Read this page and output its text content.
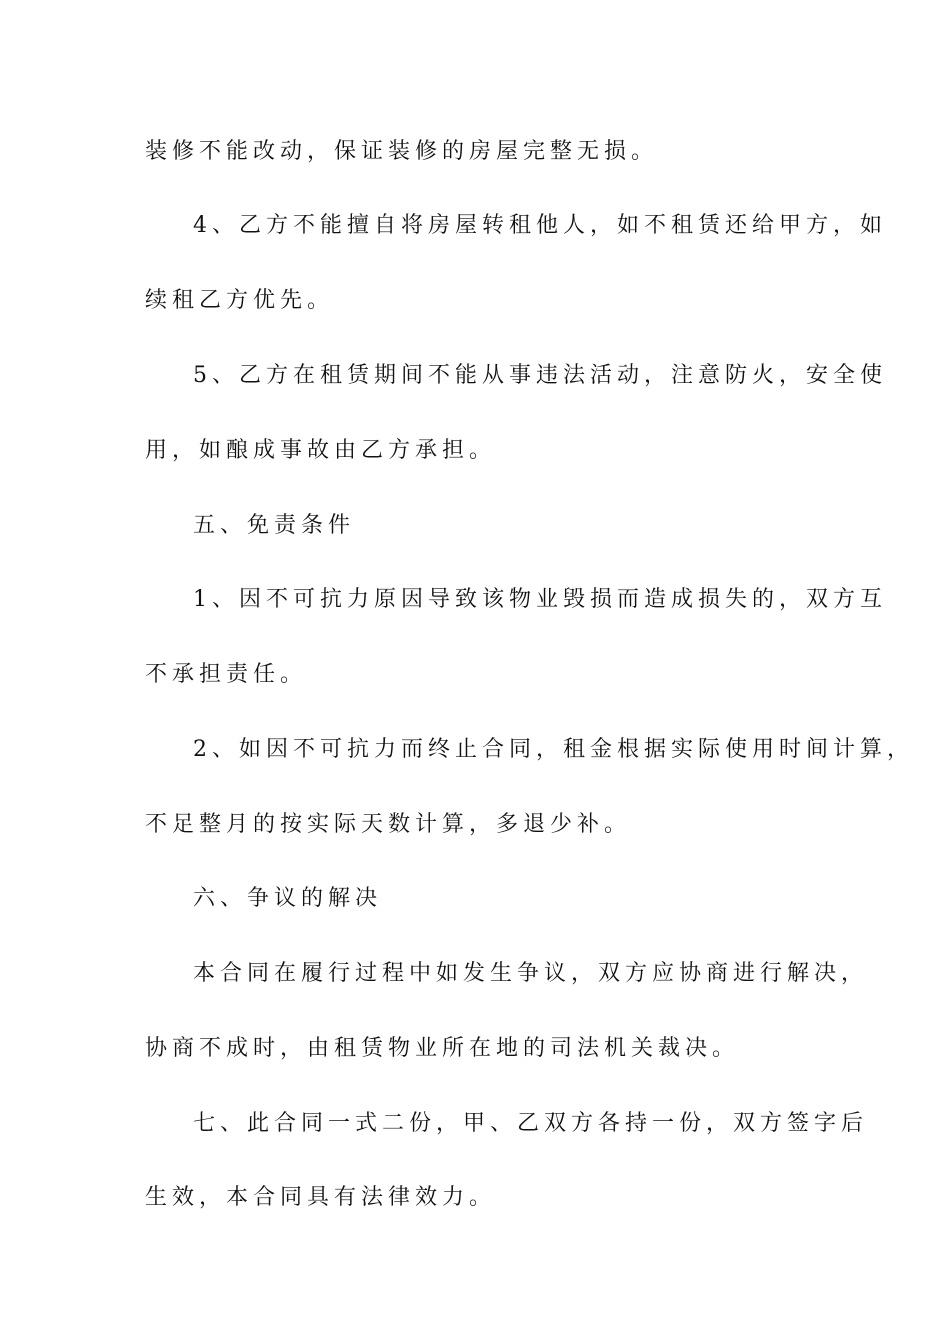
装修不能改动，保证装修的房屋完整无损。
4、乙方不能擅自将房屋转租他人，如不租赁还给甲方，如
续租乙方优先。
5、乙方在租赁期间不能从事违法活动，注意防火，安全使
用，如酿成事故由乙方承担。
五、免责条件
1、因不可抗力原因导致该物业毁损而造成损失的，双方互
不承担责任。
2、如因不可抗力而终止合同，租金根据实际使用时间计算，
不足整月的按实际天数计算，多退少补。
六、争议的解决
本合同在履行过程中如发生争议，双方应协商进行解决，
协商不成时，由租赁物业所在地的司法机关裁决。
七、此合同一式二份，甲、乙双方各持一份，双方签字后
生效，本合同具有法律效力。
